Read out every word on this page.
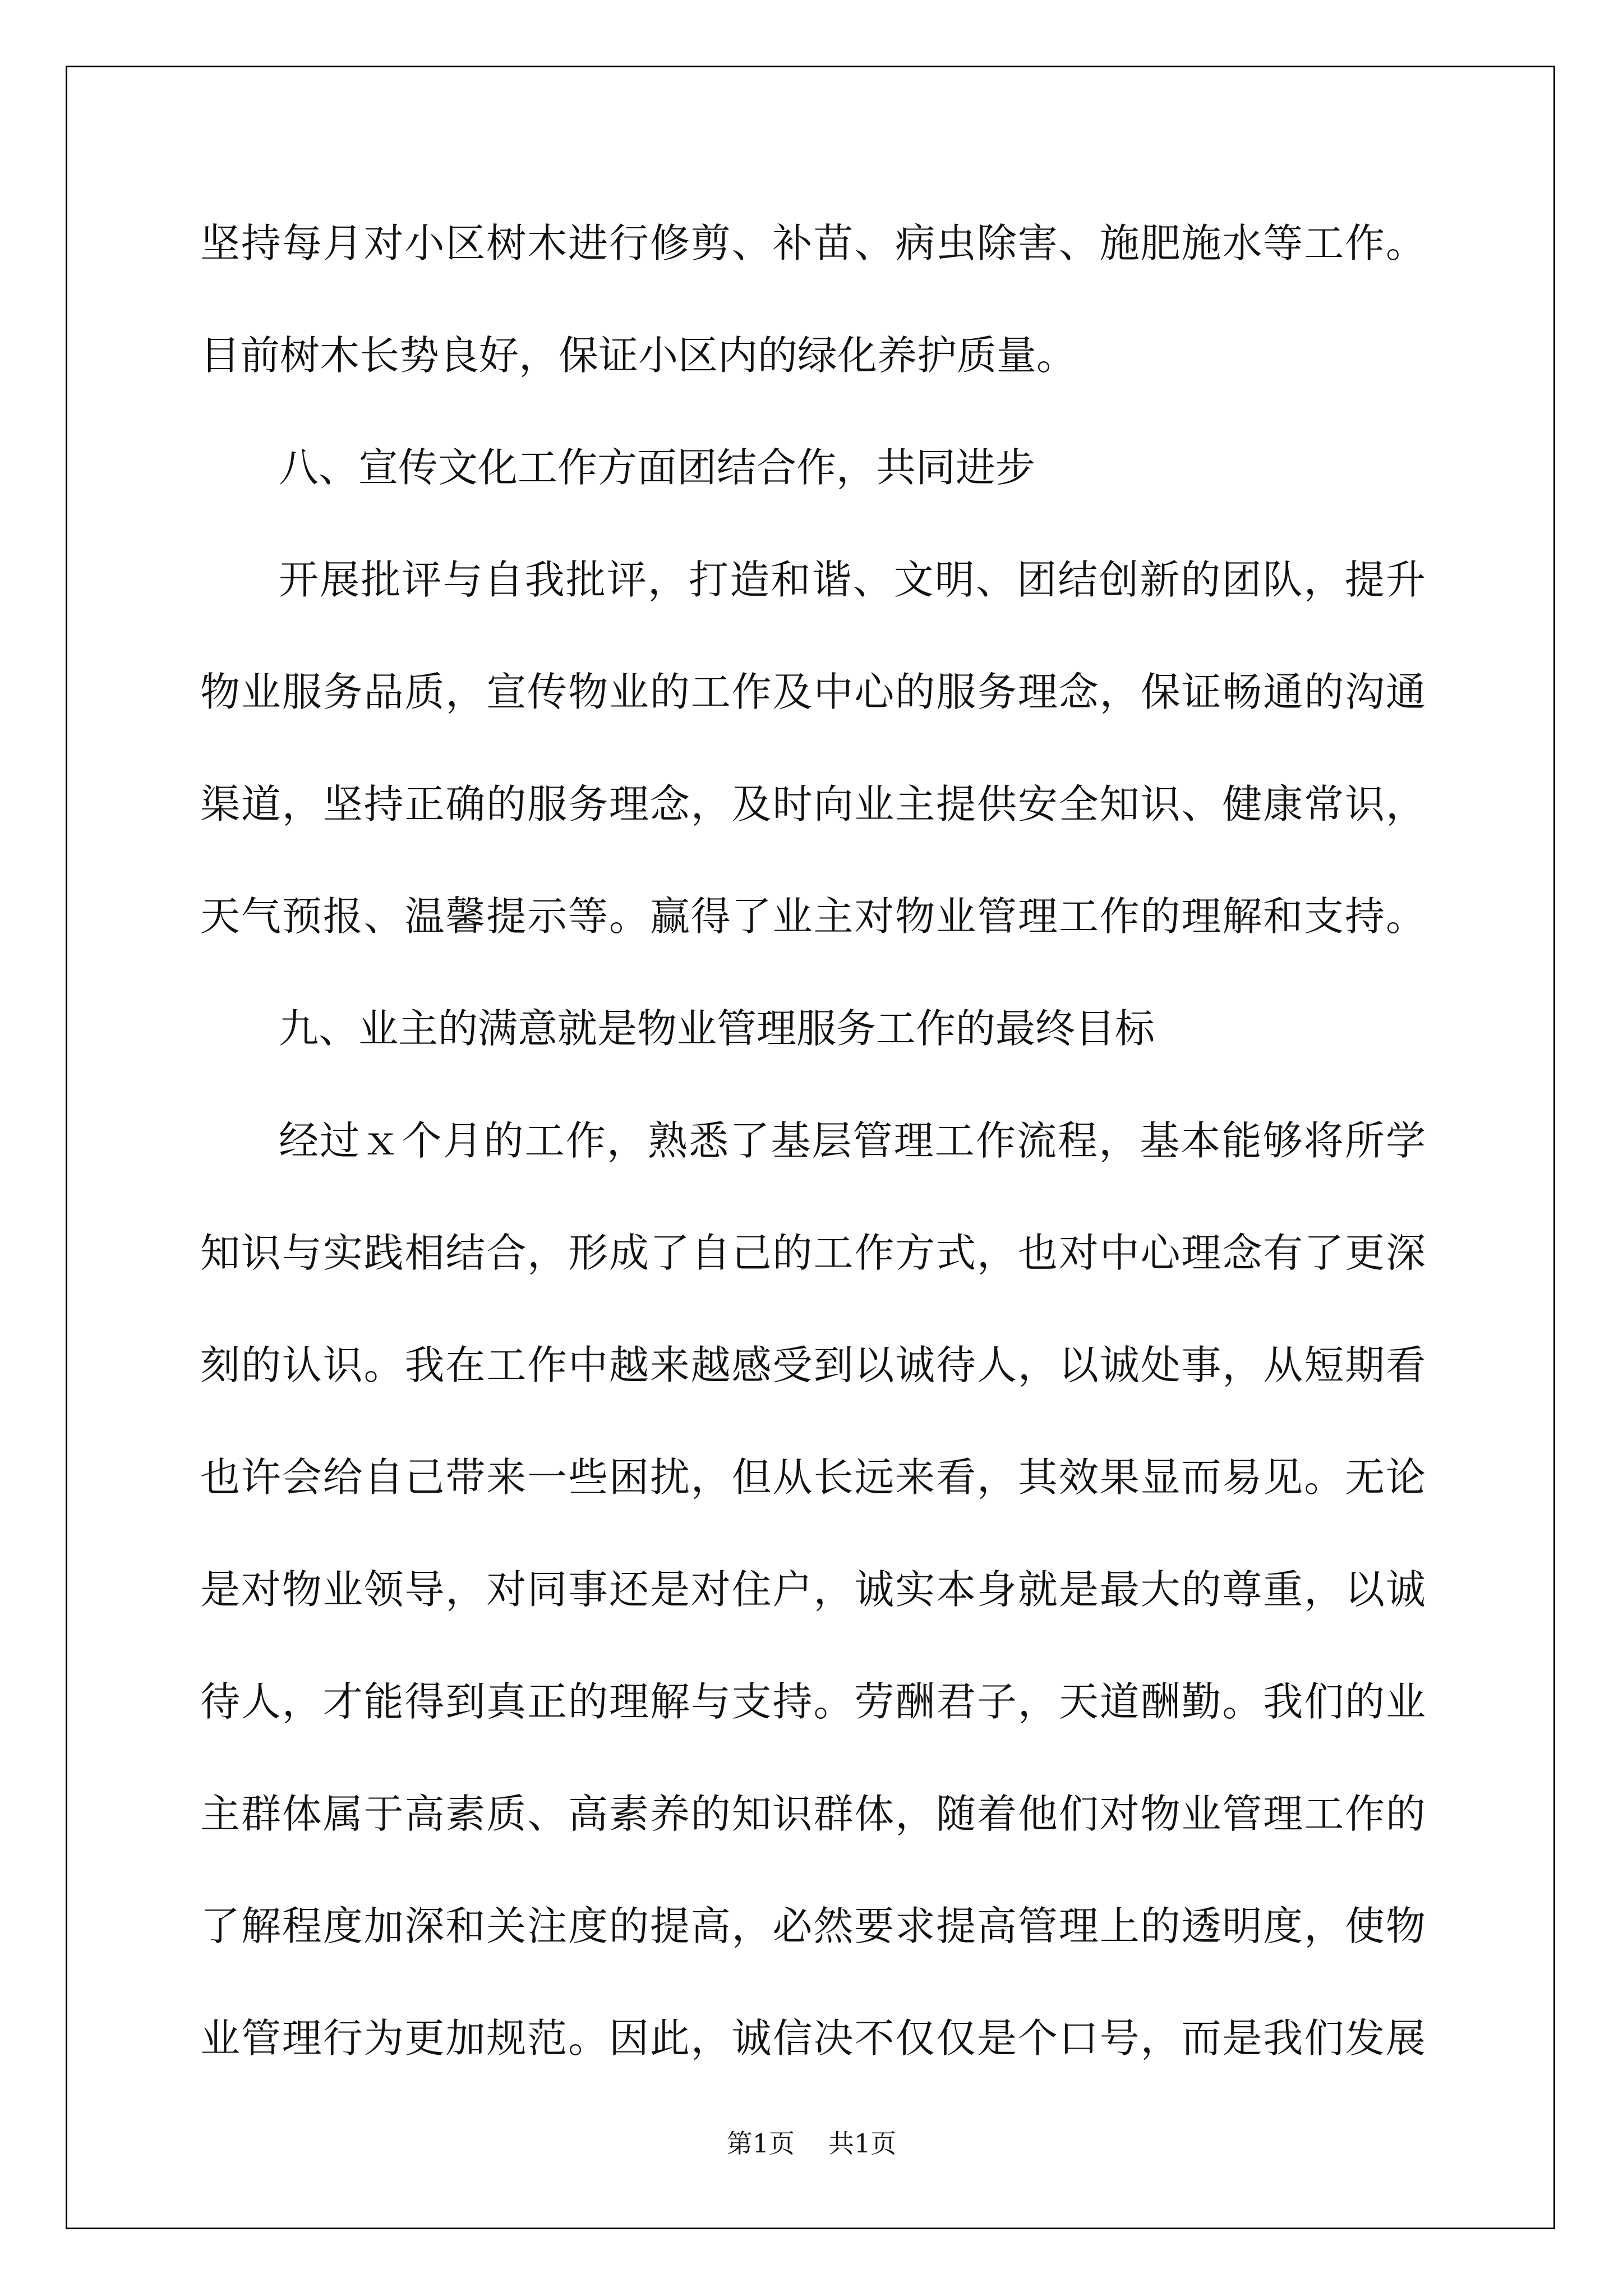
坚持每月对小区树木进行修剪、补苗、病虫除害、施肥施水等工作。
目前树木长势良好，保证小区内的绿化养护质量。
八、宣传文化工作方面团结合作，共同进步
开展批评与自我批评，打造和谐、文明、团结创新的团队，提升
物业服务品质，宣传物业的工作及中心的服务理念，保证畅通的沟通
渠道，坚持正确的服务理念，及时向业主提供安全知识、健康常识，
天气预报、温馨提示等。赢得了业主对物业管理工作的理解和支持。
九、业主的满意就是物业管理服务工作的最终目标
经过ｘ个月的工作，熟悉了基层管理工作流程，基本能够将所学
知识与实践相结合，形成了自己的工作方式，也对中心理念有了更深
刻的认识。我在工作中越来越感受到以诚待人，以诚处事，从短期看
也许会给自己带来一些困扰，但从长远来看，其效果显而易见。无论
是对物业领导，对同事还是对住户，诚实本身就是最大的尊重，以诚
待人，才能得到真正的理解与支持。劳酬君子，天道酬勤。我们的业
主群体属于高素质、高素养的知识群体，随着他们对物业管理工作的
了解程度加深和关注度的提高，必然要求提高管理上的透明度，使物
业管理行为更加规范。因此，诚信决不仅仅是个口号，而是我们发展
第1页 共1页
